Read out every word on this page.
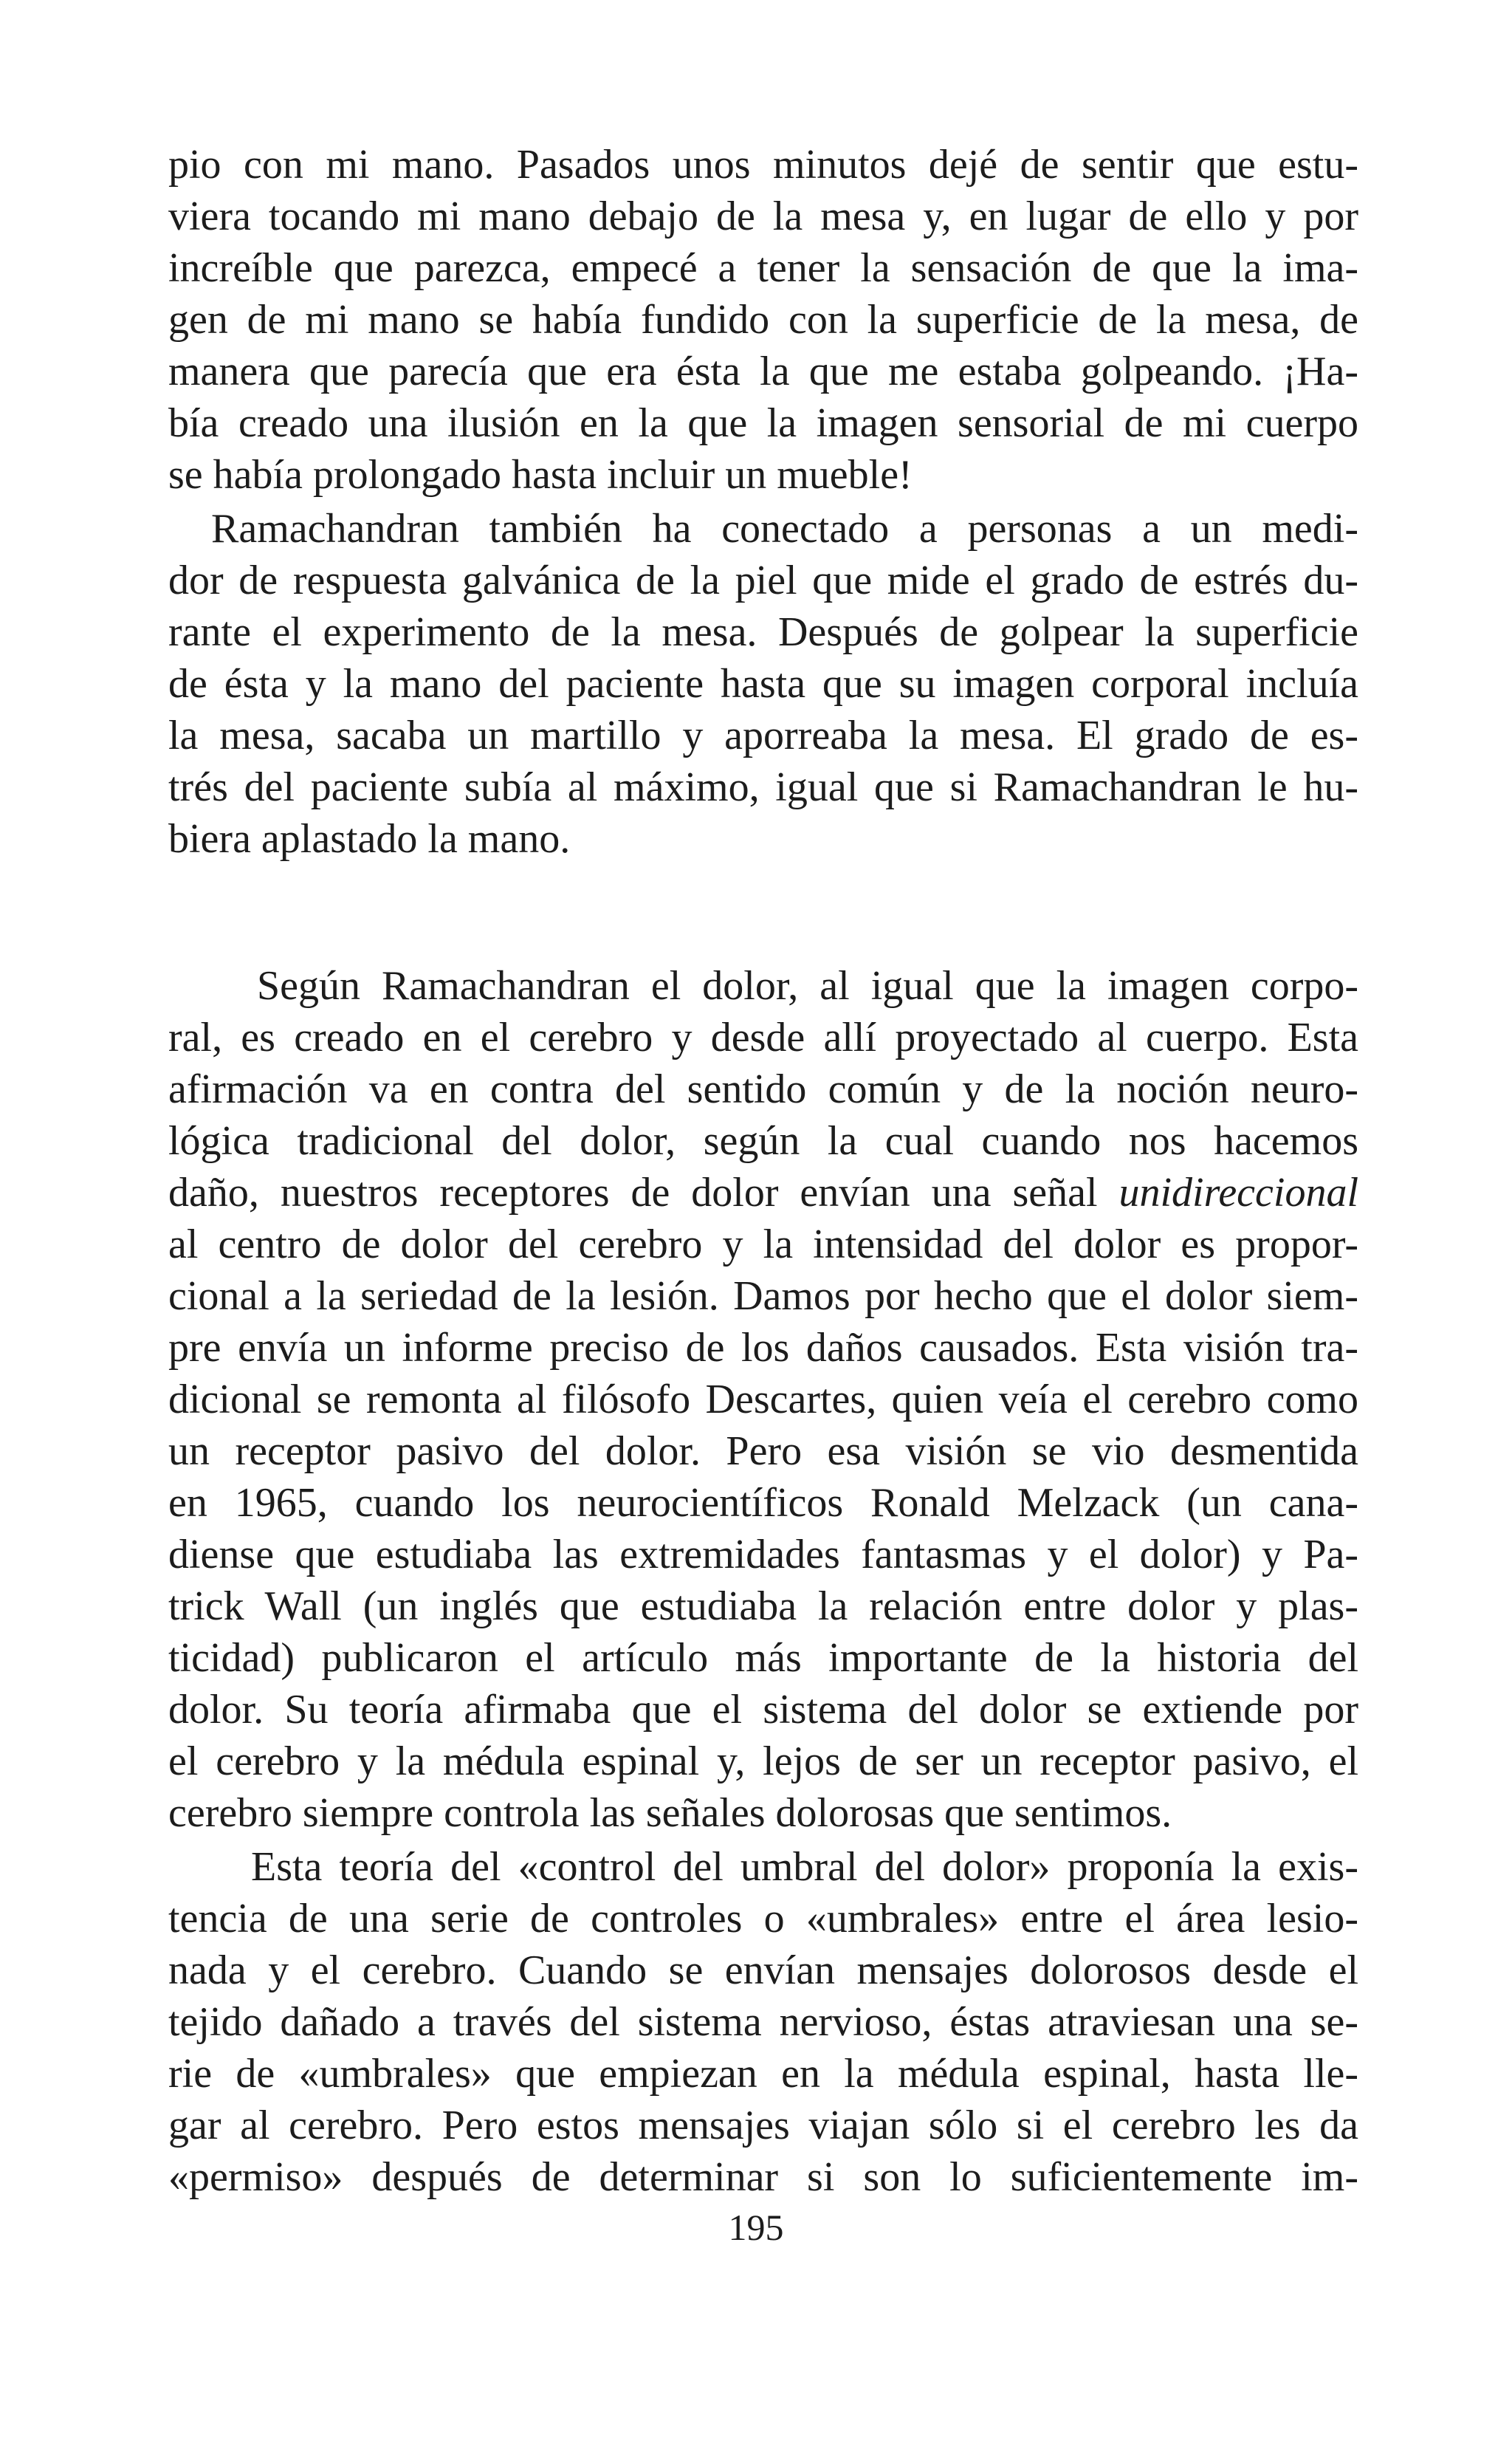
pio con mi mano. Pasados unos minutos dejé de sentir que estu-
viera tocando mi mano debajo de la mesa y, en lugar de ello y por
increíble que parezca, empecé a tener la sensación de que la ima-
gen de mi mano se había fundido con la superficie de la mesa, de
manera que parecía que era ésta la que me estaba golpeando. ¡Ha-
bía creado una ilusión en la que la imagen sensorial de mi cuerpo
se había prolongado hasta incluir un mueble!
Ramachandran también ha conectado a personas a un medi-
dor de respuesta galvánica de la piel que mide el grado de estrés du-
rante el experimento de la mesa. Después de golpear la superficie
de ésta y la mano del paciente hasta que su imagen corporal incluía
la mesa, sacaba un martillo y aporreaba la mesa. El grado de es-
trés del paciente subía al máximo, igual que si Ramachandran le hu-
biera aplastado la mano.
Según Ramachandran el dolor, al igual que la imagen corpo-
ral, es creado en el cerebro y desde allí proyectado al cuerpo. Esta
afirmación va en contra del sentido común y de la noción neuro-
lógica tradicional del dolor, según la cual cuando nos hacemos
daño, nuestros receptores de dolor envían una señal unidireccional
al centro de dolor del cerebro y la intensidad del dolor es propor-
cional a la seriedad de la lesión. Damos por hecho que el dolor siem-
pre envía un informe preciso de los daños causados. Esta visión tra-
dicional se remonta al filósofo Descartes, quien veía el cerebro como
un receptor pasivo del dolor. Pero esa visión se vio desmentida
en 1965, cuando los neurocientíficos Ronald Melzack (un cana-
diense que estudiaba las extremidades fantasmas y el dolor) y Pa-
trick Wall (un inglés que estudiaba la relación entre dolor y plas-
ticidad) publicaron el artículo más importante de la historia del
dolor. Su teoría afirmaba que el sistema del dolor se extiende por
el cerebro y la médula espinal y, lejos de ser un receptor pasivo, el
cerebro siempre controla las señales dolorosas que sentimos.
Esta teoría del «control del umbral del dolor» proponía la exis-
tencia de una serie de controles o «umbrales» entre el área lesio-
nada y el cerebro. Cuando se envían mensajes dolorosos desde el
tejido dañado a través del sistema nervioso, éstas atraviesan una se-
rie de «umbrales» que empiezan en la médula espinal, hasta lle-
gar al cerebro. Pero estos mensajes viajan sólo si el cerebro les da
«permiso» después de determinar si son lo suficientemente im-
195
